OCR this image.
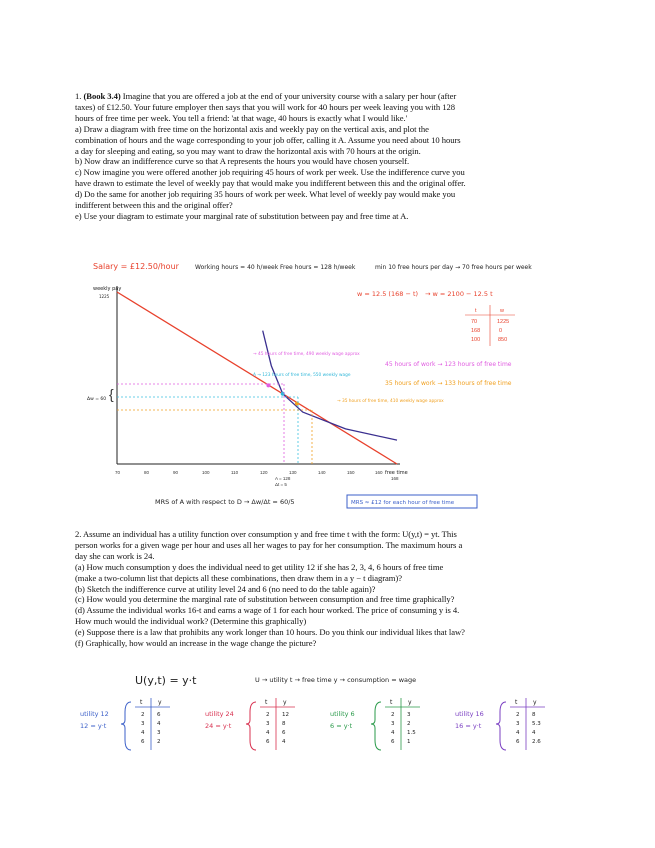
1. (Book 3.4) Imagine that you are offered a job at the end of your university course with a salary per hour (after
taxes) of £12.50. Your future employer then says that you will work for 40 hours per week leaving you with 128
hours of free time per week. You tell a friend: 'at that wage, 40 hours is exactly what I would like.'
a) Draw a diagram with free time on the horizontal axis and weekly pay on the vertical axis, and plot the
combination of hours and the wage corresponding to your job offer, calling it A. Assume you need about 10 hours
a day for sleeping and eating, so you may want to draw the horizontal axis with 70 hours at the origin.
b) Now draw an indifference curve so that A represents the hours you would have chosen yourself.
c) Now imagine you were offered another job requiring 45 hours of work per week. Use the indifference curve you
have drawn to estimate the level of weekly pay that would make you indifferent between this and the original offer.
d) Do the same for another job requiring 35 hours of work per week. What level of weekly pay would make you
indifferent between this and the original offer?
e) Use your diagram to estimate your marginal rate of substitution between pay and free time at A.
Salary = £12.50/hour	Working hours = 40 h/week Free hours = 128 h/week	min 10 free hours per day → 70 free hours per week
weekly pay
free time
70	80	90	100	110	120	130	140	150	160
168
A = 128
Δt = 5
Δw = 60
1225
{
→ 45 hours of free time, 490 weekly wage approx
A → 123 hours of free time, 550 weekly wage
→ 35 hours of free time, 410 weekly wage approx
w = 12.5 (168 − t) → w = 2100 − 12.5 t
t	w
70	1225
168	0
100	850
45 hours of work → 123 hours of free time
35 hours of work → 133 hours of free time
MRS of A with respect to D → Δw/Δt = 60/5	MRS ≈ £12 for each hour of free time
2. Assume an individual has a utility function over consumption y and free time t with the form: U(y,t) = yt. This
person works for a given wage per hour and uses all her wages to pay for her consumption. The maximum hours a
day she can work is 24.
(a) How much consumption y does the individual need to get utility 12 if she has 2, 3, 4, 6 hours of free time
(make a two-column list that depicts all these combinations, then draw them in a y − t diagram)?
(b) Sketch the indifference curve at utility level 24 and 6 (no need to do the table again)?
(c) How would you determine the marginal rate of substitution between consumption and free time graphically?
(d) Assume the individual works 16-t and earns a wage of 1 for each hour worked. The price of consuming y is 4.
How much would the individual work? (Determine this graphically)
(e) Suppose there is a law that prohibits any work longer than 10 hours. Do you think our individual likes that law?
(f) Graphically, how would an increase in the wage change the picture?
U(y,t) = y·t	U → utility t → free time y → consumption = wage
utility 12
12 = y·t
t	y
2 6
3 4
4 3
6 2
utility 24
24 = y·t
t	y
2 12
3 8
4 6
6 4
utility 6
6 = y·t
t	y
2 3
3 2
4 1.5
6 1
utility 16
16 = y·t
t	y
2 8
3 5.3
4 4
6 2.6
